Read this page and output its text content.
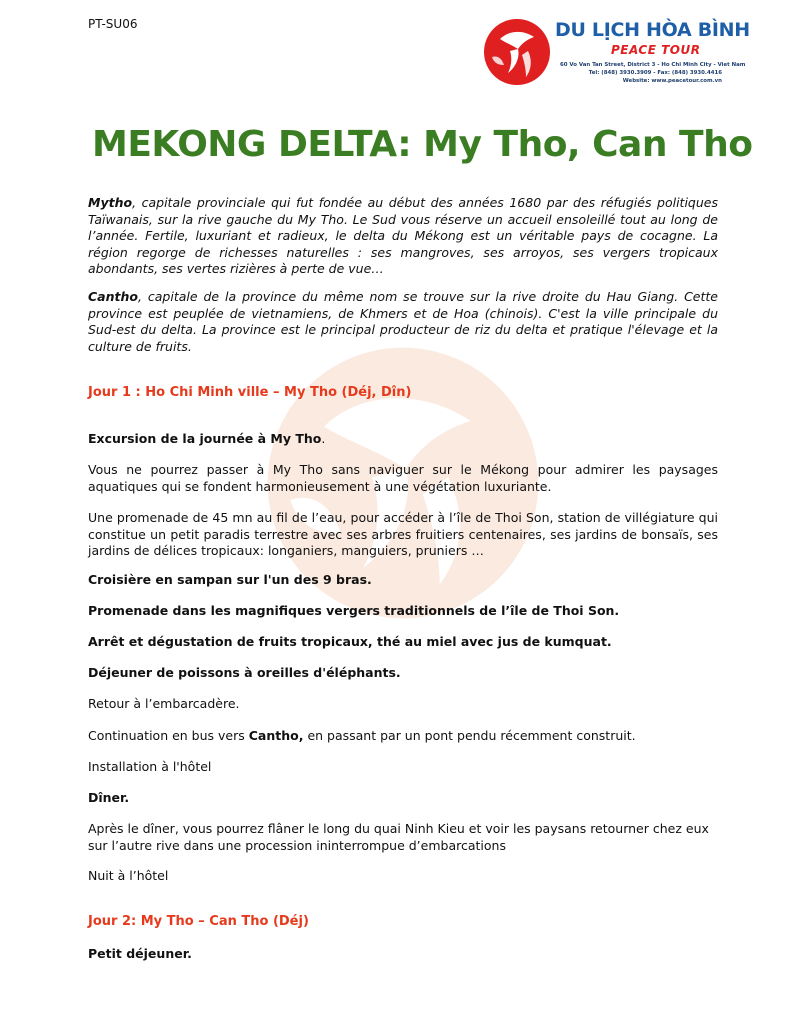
PT-SU06	DU LỊCH HÒA BÌNH
PEACE TOUR
60 Vo Van Tan Street, District 3 - Ho Chi Minh City - Viet Nam
Tel: (848) 3930.3909 - Fax: (848) 3930.4416
Website: www.peacetour.com.vn
MEKONG DELTA: My Tho, Can Tho

Mytho, capitale provinciale qui fut fondée au début des années 1680 par des réfugiés politiques Taïwanais, sur la rive gauche du My Tho. Le Sud vous réserve un accueil ensoleillé tout au long de l’année. Fertile, luxuriant et radieux, le delta du Mékong est un véritable pays de cocagne. La région regorge de richesses naturelles : ses mangroves, ses arroyos, ses vergers tropicaux abondants, ses vertes rizières à perte de vue…

Cantho, capitale de la province du même nom se trouve sur la rive droite du Hau Giang. Cette province est peuplée de vietnamiens, de Khmers et de Hoa (chinois). C'est la ville principale du Sud-est du delta. La province est le principal producteur de riz du delta et pratique l'élevage et la culture de fruits.

Jour 1 : Ho Chi Minh ville – My Tho (Déj, Dîn)

Excursion de la journée à My Tho.

Vous ne pourrez passer à My Tho sans naviguer sur le Mékong pour admirer les paysages aquatiques qui se fondent harmonieusement à une végétation luxuriante.

Une promenade de 45 mn au fil de l’eau, pour accéder à l’île de Thoi Son, station de villégiature qui constitue un petit paradis terrestre avec ses arbres fruitiers centenaires, ses jardins de bonsaïs, ses jardins de délices tropicaux: longaniers, manguiers, pruniers …

Croisière en sampan sur l'un des 9 bras.

Promenade dans les magnifiques vergers traditionnels de l’île de Thoi Son.

Arrêt et dégustation de fruits tropicaux, thé au miel avec jus de kumquat.

Déjeuner de poissons à oreilles d'éléphants.

Retour à l’embarcadère.

Continuation en bus vers Cantho, en passant par un pont pendu récemment construit.

Installation à l'hôtel

Dîner.

Après le dîner, vous pourrez flâner le long du quai Ninh Kieu et voir les paysans retourner chez eux sur l’autre rive dans une procession ininterrompue d’embarcations

Nuit à l’hôtel

Jour 2: My Tho – Can Tho (Déj)

Petit déjeuner.
